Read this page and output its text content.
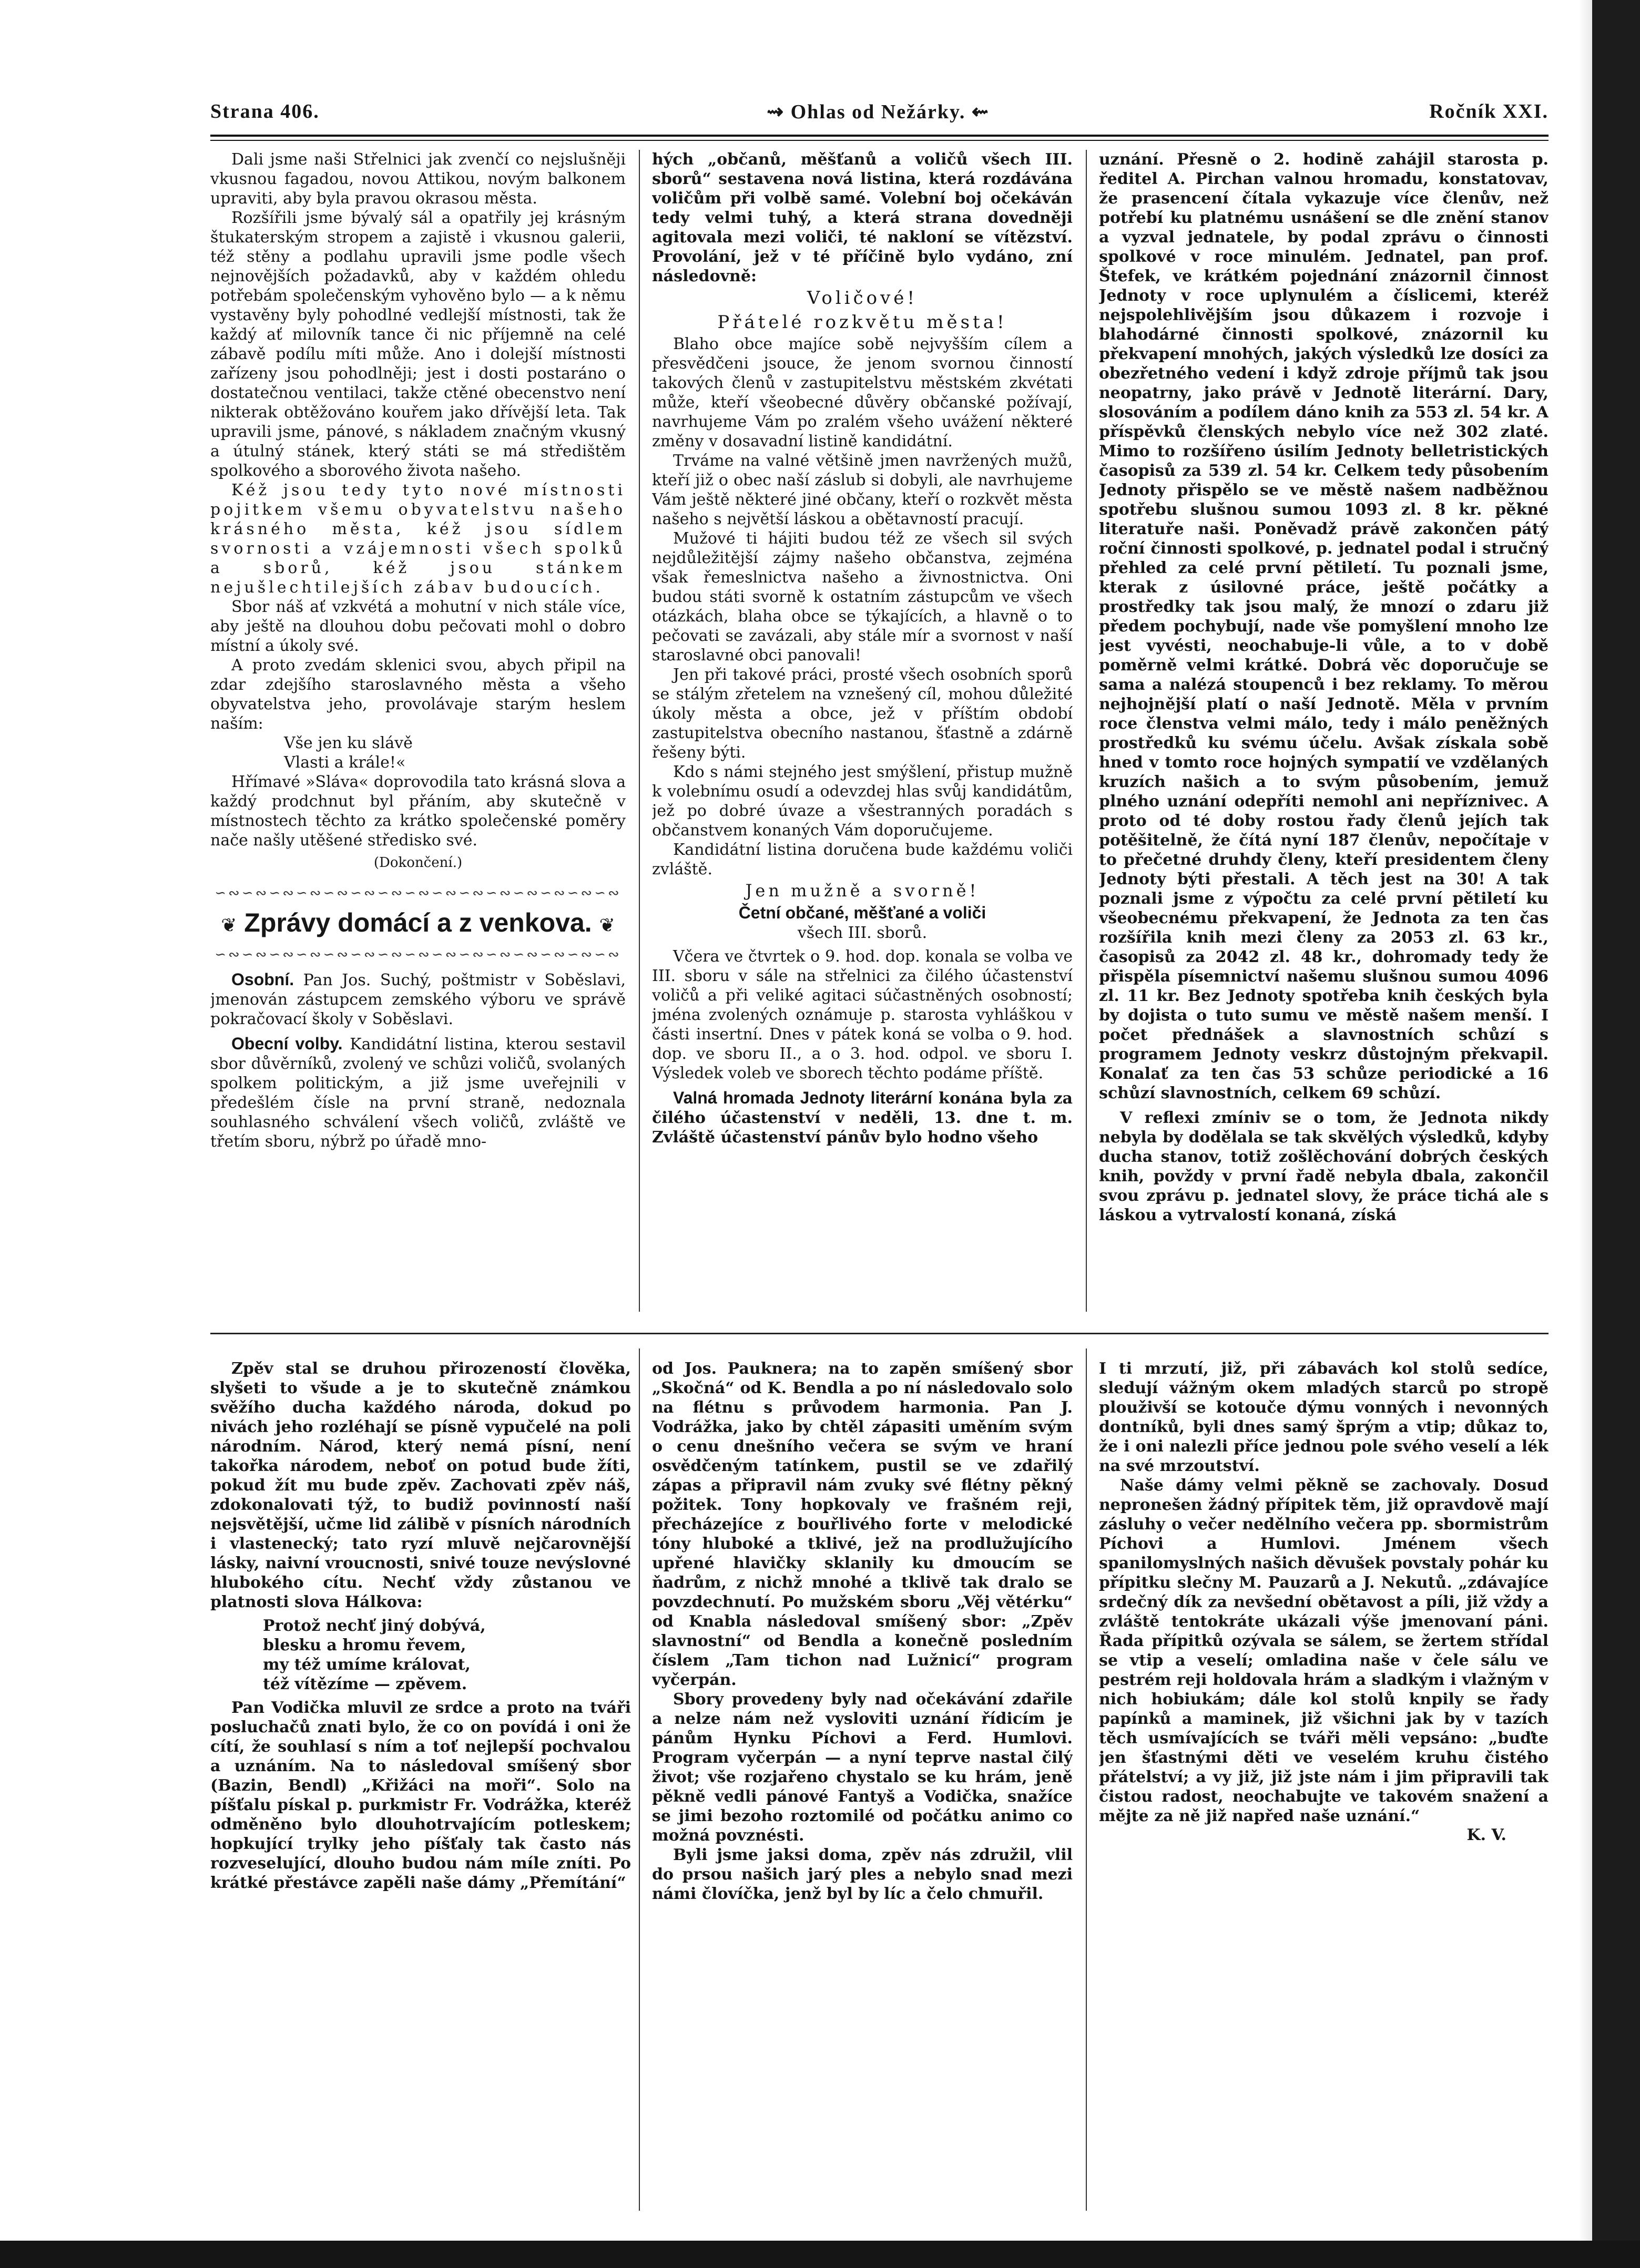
Strana 406.	⇝ Ohlas od Nežárky. ⇜	Ročník XXI.

Dali jsme naši Střelnici jak zvenčí co nejslušněji vkusnou fagadou, novou Attikou, novým balkonem upraviti, aby byla pravou okrasou města.

Rozšířili jsme bývalý sál a opatřily jej krásným štukaterským stropem a zajistě i vkusnou galerii, též stěny a podlahu upravili jsme podle všech nejnovějších požadavků, aby v každém ohledu potřebám společenským vyhověno bylo — a k němu vystavěny byly pohodlné vedlejší místnosti, tak že každý ať milovník tance či nic příjemně na celé zábavě podílu míti může. Ano i dolejší místnosti zařízeny jsou pohodlněji; jest i dosti postaráno o dostatečnou ventilaci, takže ctěné obecenstvo není nikterak obtěžováno kouřem jako dřívější leta. Tak upravili jsme, pánové, s nákladem značným vkusný a útulný stánek, který státi se má středištěm spolkového a sborového života našeho.

Kéž jsou tedy tyto nové místnosti pojitkem všemu obyvatelstvu našeho krásného města, kéž jsou sídlem svornosti a vzájemnosti všech spolků a sborů, kéž jsou stánkem nejušlechtilejších zábav budoucích.

Sbor náš ať vzkvétá a mohutní v nich stále více, aby ještě na dlouhou dobu pečovati mohl o dobro místní a úkoly své.

A proto zvedám sklenici svou, abych připil na zdar zdejšího staroslavného města a všeho obyvatelstva jeho, provolávaje starým heslem naším:

Vše jen ku slávě
Vlasti a krále!«

Hřímavé »Sláva« doprovodila tato krásná slova a každý prodchnut byl přáním, aby skutečně v místnostech těchto za krátko společenské poměry nače našly utěšené středisko své.

(Dokončení.)

∽∾∽∾∽∾∽∾∽∾∽∾∽∾∽∾∽∾∽∾∽∾∽∾∽∾∽∾∽∾
❦ Zprávy domácí a z venkova. ❦
∽∾∽∾∽∾∽∾∽∾∽∾∽∾∽∾∽∾∽∾∽∾∽∾∽∾∽∾∽∾

Osobní. Pan Jos. Suchý, poštmistr v Soběslavi, jmenován zástupcem zemského výboru ve správě pokračovací školy v Soběslavi.

Obecní volby. Kandidátní listina, kterou sestavil sbor důvěrníků, zvolený ve schůzi voličů, svolaných spolkem politickým, a již jsme uveřejnili v předešlém čísle na první straně, nedoznala souhlasného schválení všech voličů, zvláště ve třetím sboru, nýbrž po úřadě mno-

hých „občanů, měšťanů a voličů všech III. sborů“ sestavena nová listina, která rozdávána voličům při volbě samé. Volební boj očekáván tedy velmi tuhý, a která strana dovedněji agitovala mezi voliči, té nakloní se vítězství. Provolání, jež v té příčině bylo vydáno, zní následovně:

Voličové!

Přátelé rozkvětu města!

Blaho obce majíce sobě nejvyšším cílem a přesvědčeni jsouce, že jenom svornou činností takových členů v zastupitelstvu městském zkvétati může, kteří všeobecné důvěry občanské požívají, navrhujeme Vám po zralém všeho uvážení některé změny v dosavadní listině kandidátní.

Trváme na valné většině jmen navržených mužů, kteří již o obec naší záslub si dobyli, ale navrhujeme Vám ještě některé jiné občany, kteří o rozkvět města našeho s největší láskou a obětavností pracují.

Mužové ti hájiti budou též ze všech sil svých nejdůležitější zájmy našeho občanstva, zejména však řemeslnictva našeho a živnostnictva. Oni budou státi svorně k ostatním zástupcům ve všech otázkách, blaha obce se týkajících, a hlavně o to pečovati se zavázali, aby stále mír a svornost v naší staroslavné obci panovali!

Jen při takové práci, prosté všech osobních sporů se stálým zřetelem na vznešený cíl, mohou důležité úkoly města a obce, jež v příštím období zastupitelstva obecního nastanou, šťastně a zdárně řešeny býti.

Kdo s námi stejného jest smýšlení, přistup mužně k volebnímu osudí a odevzdej hlas svůj kandidátům, jež po dobré úvaze a všestranných poradách s občanstvem konaných Vám doporučujeme.

Kandidátní listina doručena bude každému voliči zvláště.

Jen mužně a svorně!

Četní občané, měšťané a voliči

všech III. sborů.

Včera ve čtvrtek o 9. hod. dop. konala se volba ve III. sboru v sále na střelnici za čilého účastenství voličů a při veliké agitaci súčastněných osobností; jména zvolených oznámuje p. starosta vyhláškou v části insertní. Dnes v pátek koná se volba o 9. hod. dop. ve sboru II., a o 3. hod. odpol. ve sboru I. Výsledek voleb ve sborech těchto podáme příště.

Valná hromada Jednoty literární konána byla za čilého účastenství v neděli, 13. dne t. m. Zvláště účastenství pánův bylo hodno všeho

uznání. Přesně o 2. hodině zahájil starosta p. ředitel A. Pirchan valnou hromadu, konstatovav, že prasencení čítala vykazuje více členův, než potřebí ku platnému usnášení se dle znění stanov a vyzval jednatele, by podal zprávu o činnosti spolkové v roce minulém. Jednatel, pan prof. Štefek, ve krátkém pojednání znázornil činnost Jednoty v roce uplynulém a číslicemi, kteréž nejspolehlivějším jsou důkazem i rozvoje i blahodárné činnosti spolkové, znázornil ku překvapení mnohých, jakých výsledků lze dosíci za obezřetného vedení i když zdroje příjmů tak jsou neopatrny, jako právě v Jednotě literární. Dary, slosováním a podílem dáno knih za 553 zl. 54 kr. A příspěvků členských nebylo více než 302 zlaté. Mimo to rozšířeno úsilím Jednoty belletristických časopisů za 539 zl. 54 kr. Celkem tedy působením Jednoty přispělo se ve městě našem nadběžnou spotřebu slušnou sumou 1093 zl. 8 kr. pěkné literatuře naši. Poněvadž právě zakončen pátý roční činnosti spolkové, p. jednatel podal i stručný přehled za celé první pětiletí. Tu poznali jsme, kterak z úsilovné práce, ještě počátky a prostředky tak jsou malý, že mnozí o zdaru již předem pochybují, nade vše pomyšlení mnoho lze jest vyvésti, neochabuje-li vůle, a to v době poměrně velmi krátké. Dobrá věc doporučuje se sama a nalézá stoupenců i bez reklamy. To měrou nejhojnější platí o naší Jednotě. Měla v prvním roce členstva velmi málo, tedy i málo peněžných prostředků ku svému účelu. Avšak získala sobě hned v tomto roce hojných sympatií ve vzdělaných kruzích našich a to svým působením, jemuž plného uznání odepříti nemohl ani nepříznivec. A proto od té doby rostou řady členů jejích tak potěšitelně, že čítá nyní 187 členův, nepočítaje v to přečetné druhdy členy, kteří presidentem členy Jednoty býti přestali. A těch jest na 30! A tak poznali jsme z výpočtu za celé první pětiletí ku všeobecnému překvapení, že Jednota za ten čas rozšířila knih mezi členy za 2053 zl. 63 kr., časopisů za 2042 zl. 48 kr., dohromady tedy že přispěla písemnictví našemu slušnou sumou 4096 zl. 11 kr. Bez Jednoty spotřeba knih českých byla by dojista o tuto sumu ve městě našem menší. I počet přednášek a slavnostních schůzí s programem Jednoty veskrz důstojným překvapil. Konalať za ten čas 53 schůze periodické a 16 schůzí slavnostních, celkem 69 schůzí.

V reflexi zmíniv se o tom, že Jednota nikdy nebyla by dodělala se tak skvělých výsledků, kdyby ducha stanov, totiž zošlěchování dobrých českých knih, povždy v první řadě nebyla dbala, zakončil svou zprávu p. jednatel slovy, že práce tichá ale s láskou a vytrvalostí konaná, získá

Zpěv stal se druhou přirozeností člověka, slyšeti to všude a je to skutečně známkou svěžího ducha každého národa, dokud po nivách jeho rozléhají se písně vypučelé na poli národním. Národ, který nemá písní, není takořka národem, neboť on potud bude žíti, pokud žít mu bude zpěv. Zachovati zpěv náš, zdokonalovati týž, to budiž povinností naší nejsvětější, učme lid zálibě v písních národních i vlastenecký; tato ryzí mluvě nejčarovnější lásky, naivní vroucnosti, snivé touze nevýslovné hlubokého cítu. Nechť vždy zůstanou ve platnosti slova Hálkova:

Protož nechť jiný dobývá,
blesku a hromu řevem,
my též umíme královat,
též vítězíme — zpěvem.

Pan Vodička mluvil ze srdce a proto na tváři posluchačů znati bylo, že co on povídá i oni že cítí, že souhlasí s ním a toť nejlepší pochvalou a uznáním. Na to následoval smíšený sbor (Bazin, Bendl) „Křižáci na moři“. Solo na píšťalu pískal p. purkmistr Fr. Vodrážka, kteréž odměněno bylo dlouhotrvajícím potleskem; hopkující trylky jeho píšťaly tak často nás rozveselující, dlouho budou nám míle zníti. Po krátké přestávce zapěli naše dámy „Přemítání“

od Jos. Pauknera; na to zapěn smíšený sbor „Skočná“ od K. Bendla a po ní následovalo solo na flétnu s průvodem harmonia. Pan J. Vodrážka, jako by chtěl zápasiti uměním svým o cenu dnešního večera se svým ve hraní osvědčeným tatínkem, pustil se ve zdařilý zápas a připravil nám zvuky své flétny pěkný požitek. Tony hopkovaly ve frašném reji, přecházejíce z bouřlivého forte v melodické tóny hluboké a tklivé, jež na prodlužujícího upřené hlavičky sklanily ku dmoucím se ňadrům, z nichž mnohé a tklivě tak dralo se povzdechnutí. Po mužském sboru „Věj větérku“ od Knabla následoval smíšený sbor: „Zpěv slavnostní“ od Bendla a konečně posledním číslem „Tam tichon nad Lužnicí“ program vyčerpán.

Sbory provedeny byly nad očekávání zdařile a nelze nám než vysloviti uznání řídicím je pánům Hynku Píchovi a Ferd. Humlovi. Program vyčerpán — a nyní teprve nastal čilý život; vše rozjařeno chystalo se ku hrám, jeně pěkně vedli pánové Fantyš a Vodička, snažíce se jimi bezoho roztomilé od počátku animo co možná povznésti.

Byli jsme jaksi doma, zpěv nás združil, vlil do prsou našich jarý ples a nebylo snad mezi námi človíčka, jenž byl by líc a čelo chmuřil.

I ti mrzutí, již, při zábavách kol stolů sedíce, sledují vážným okem mladých starců po stropě plouživší se kotouče dýmu vonných i nevonných dontníků, byli dnes samý šprým a vtip; důkaz to, že i oni nalezli příce jednou pole svého veselí a lék na své mrzoutství.

Naše dámy velmi pěkně se zachovaly. Dosud nepronešen žádný přípitek těm, již opravdově mají zásluhy o večer nedělního večera pp. sbormistrům Píchovi a Humlovi. Jménem všech spanilomyslných našich děvušek povstaly pohár ku přípitku slečny M. Pauzarů a J. Nekutů. „zdávajíce srdečný dík za nevšední obětavost a píli, již vždy a zvláště tentokráte ukázali výše jmenovaní páni. Řada přípitků ozývala se sálem, se žertem střídal se vtip a veselí; omladina naše v čele sálu ve pestrém reji holdovala hrám a sladkým i vlažným v nich hobiukám; dále kol stolů knpily se řady papínků a maminek, již všichni jak by v tazích těch usmívajících se tváři měli vepsáno: „buďte jen šťastnými děti ve veselém kruhu čistého přátelství; a vy již, již jste nám i jim připravili tak čistou radost, neochabujte ve takovém snažení a mějte za ně již napřed naše uznání.“

K. V.
